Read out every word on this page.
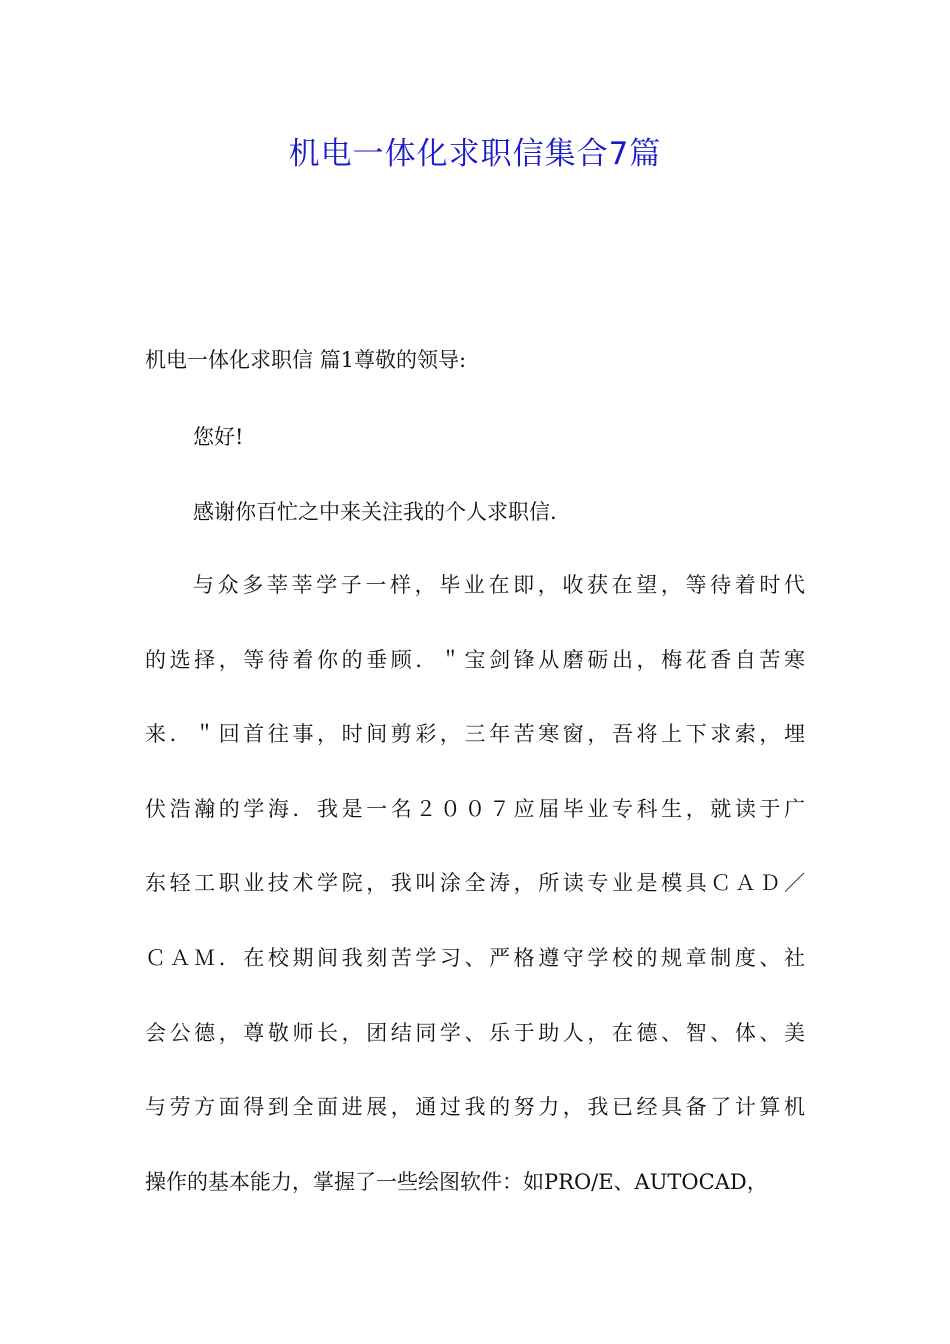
机电一体化求职信集合7篇
机电一体化求职信 篇1尊敬的领导:
您好!
感谢你百忙之中来关注我的个人求职信.
与众多莘莘学子一样，毕业在即，收获在望，等待着时代
的选择，等待着你的垂顾．＂宝剑锋从磨砺出，梅花香自苦寒
来．＂回首往事，时间剪彩，三年苦寒窗，吾将上下求索，埋
伏浩瀚的学海．我是一名２００７应届毕业专科生，就读于广
东轻工职业技术学院，我叫涂全涛，所读专业是模具ＣＡＤ／
ＣＡＭ．在校期间我刻苦学习、严格遵守学校的规章制度、社
会公德，尊敬师长，团结同学、乐于助人，在德、智、体、美
与劳方面得到全面进展，通过我的努力，我已经具备了计算机
操作的基本能力，掌握了一些绘图软件：如PRO/E、AUTOCAD，
